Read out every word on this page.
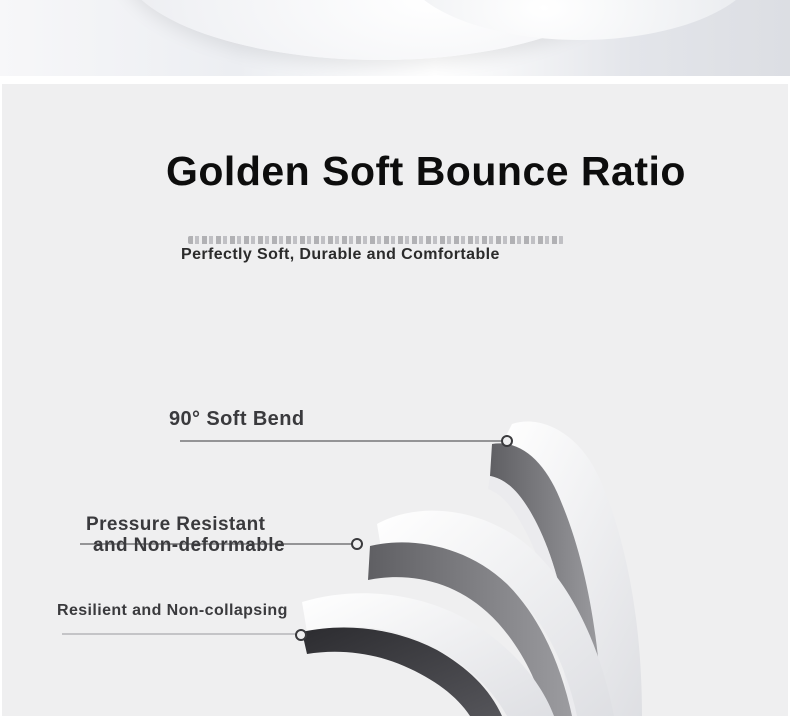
Golden Soft Bounce Ratio
Perfectly Soft, Durable and Comfortable
90° Soft Bend
Pressure Resistant
and Non-deformable
Resilient and Non-collapsing
